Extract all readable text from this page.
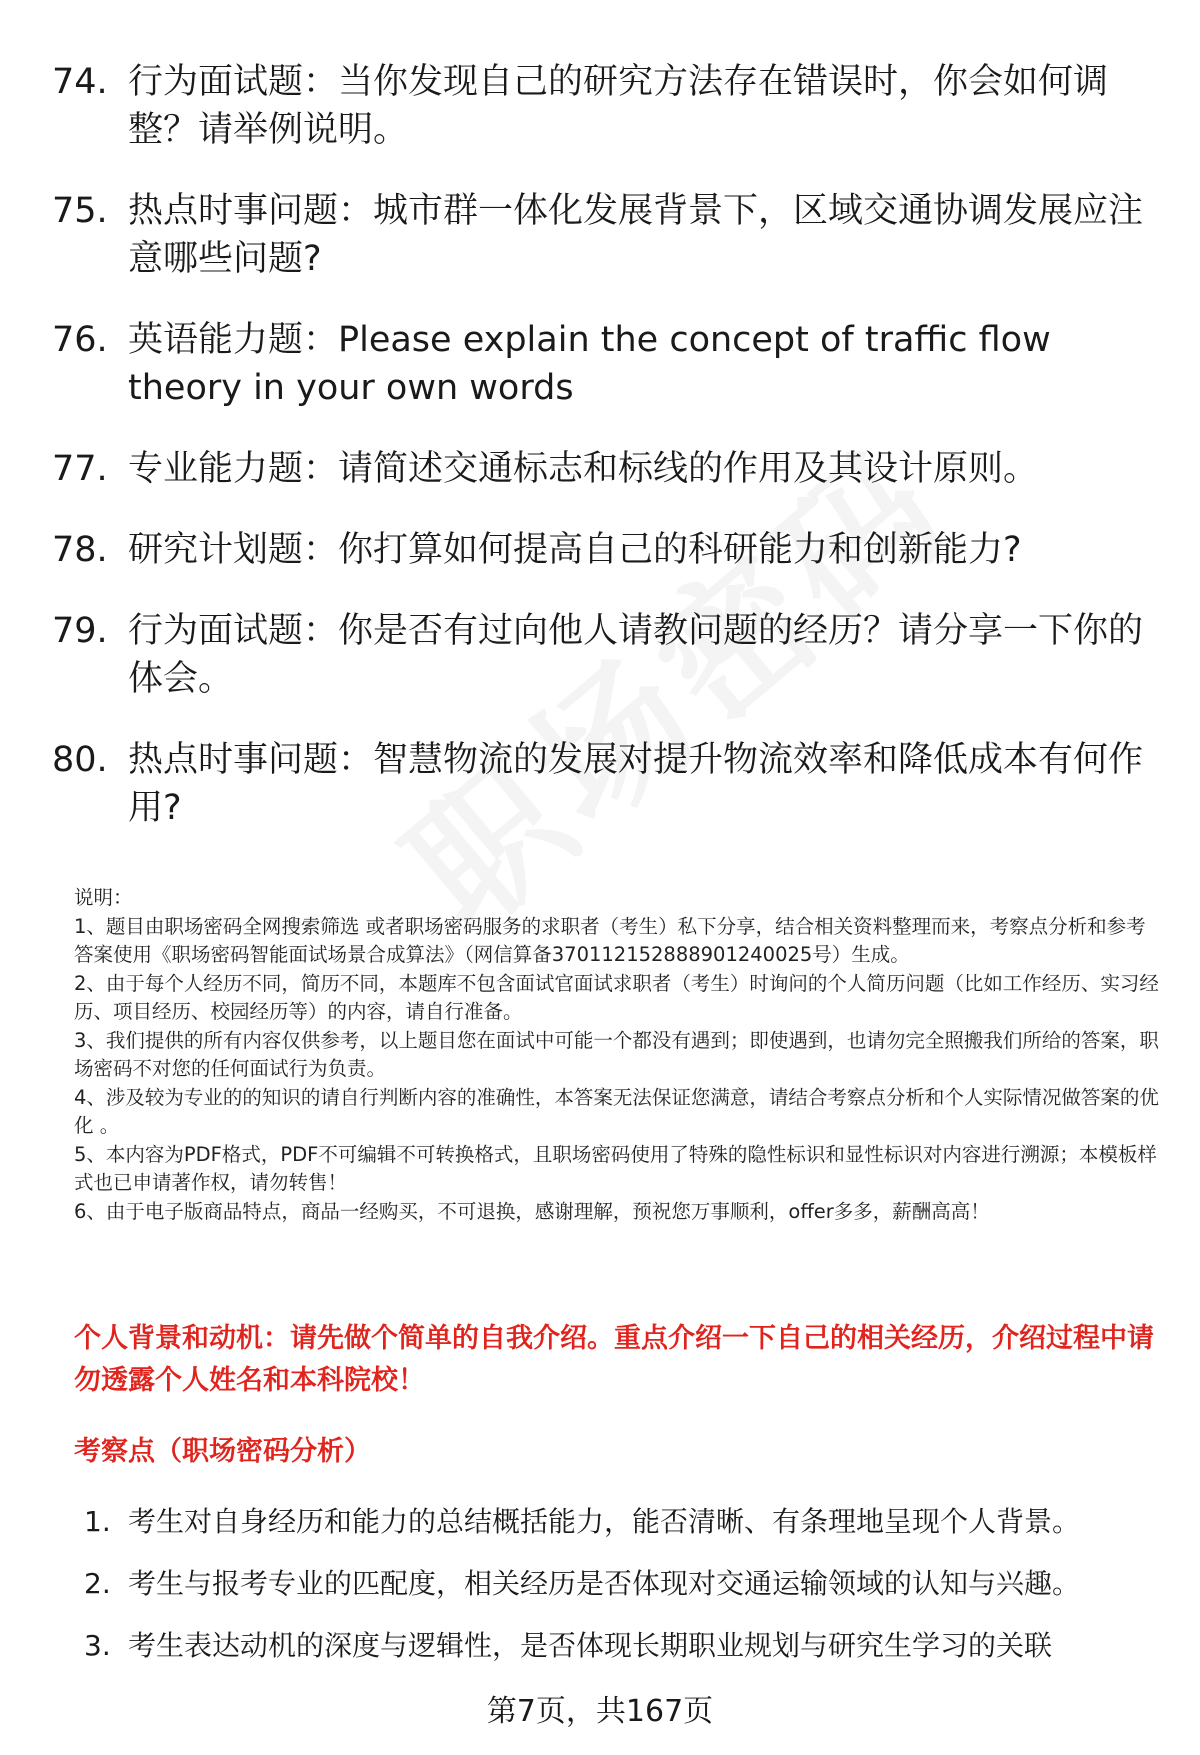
74. 行为面试题：当你发现自己的研究方法存在错误时，你会如何调整？请举例说明。
75. 热点时事问题：城市群一体化发展背景下，区域交通协调发展应注意哪些问题?
76. 英语能力题：Please explain the concept of traffic flow theory in your own words
77. 专业能力题：请简述交通标志和标线的作用及其设计原则。
78. 研究计划题：你打算如何提高自己的科研能力和创新能力?
79. 行为面试题：你是否有过向他人请教问题的经历？请分享一下你的体会。
80. 热点时事问题：智慧物流的发展对提升物流效率和降低成本有何作用?

说明：

1、题目由职场密码全网搜索筛选 或者职场密码服务的求职者（考生）私下分享，结合相关资料整理而来，考察点分析和参考答案使用《职场密码智能面试场景合成算法》（网信算备370112152888901240025号）生成。

2、由于每个人经历不同，简历不同，本题库不包含面试官面试求职者（考生）时询问的个人简历问题（比如工作经历、实习经历、项目经历、校园经历等）的内容，请自行准备。

3、我们提供的所有内容仅供参考，以上题目您在面试中可能一个都没有遇到；即使遇到，也请勿完全照搬我们所给的答案，职场密码不对您的任何面试行为负责。

4、涉及较为专业的的知识的请自行判断内容的准确性，本答案无法保证您满意，请结合考察点分析和个人实际情况做答案的优化 。

5、本内容为PDF格式，PDF不可编辑不可转换格式，且职场密码使用了特殊的隐性标识和显性标识对内容进行溯源；本模板样式也已申请著作权，请勿转售！

6、由于电子版商品特点，商品一经购买，不可退换，感谢理解，预祝您万事顺利，offer多多，薪酬高高！

个人背景和动机：请先做个简单的自我介绍。重点介绍一下自己的相关经历，介绍过程中请勿透露个人姓名和本科院校！
考察点（职场密码分析）
1. 考生对自身经历和能力的总结概括能力，能否清晰、有条理地呈现个人背景。
2. 考生与报考专业的匹配度，相关经历是否体现对交通运输领域的认知与兴趣。
3. 考生表达动机的深度与逻辑性，是否体现长期职业规划与研究生学习的关联
第7页，共167页
